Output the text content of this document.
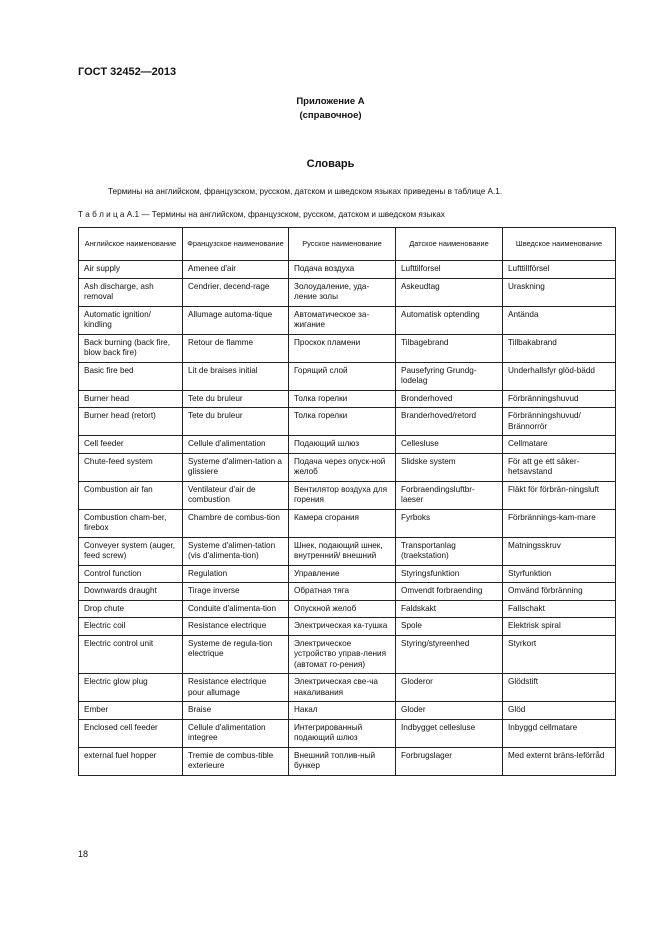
ГОСТ 32452—2013
Приложение А
(справочное)
Словарь
Термины на английском, французском, русском, датском и шведском языках приведены в таблице А.1.
Т а б л и ц а А.1 — Термины на английском, французском, русском, датском и шведском языках
Английское наименование	Французское наименование	Русское наименование	Датское наименование	Шведское наименование
Air supply	Amenee d'air	Подача воздуха	Lufttilforsel	Lufttillförsel
Ash discharge, ash removal	Cendrier, decend-rage	Золоудаление, уда-ление золы	Askeudtag	Uraskning
Automatic ignition/ kindling	Allumage automa-tique	Автоматическое за-жигание	Automatisk optending	Antända
Back burning (back fire, blow back fire)	Retour de flamme	Проскок пламени	Tilbagebrand	Tillbakabrand
Basic fire bed	Lit de braises initial	Горящий слой	Pausefyring Grundg-lodelag	Underhallsfyr glöd-bädd
Burner head	Tete du bruleur	Толка горелки	Bronderhoved	Förbränningshuvud
Burner head (retort)	Tete du bruleur	Толка горелки	Branderhoved/retord	Förbränningshuvud/ Brännorrör
Cell feeder	Cellule d'alimentation	Подающий шлюз	Cellesluse	Cellmatare
Chute-feed system	Systeme d'alimen-tation a glissiere	Подача через опуск-ной желоб	Slidske system	För att ge ett säker-hetsavstand
Combustion air fan	Ventilateur d'air de combustion	Вентилятор воздуха для горения	Forbraendingsluftbr-laeser	Fläkt för förbrän-ningsluft
Combustion cham-ber, firebox	Chambre de combus-tion	Камера сгорания	Fyrboks	Förbrännings-kam-mare
Conveyer system (auger, feed screw)	Systeme d'alimen-tation (vis d'alimenta-tion)	Шнек, подающий шнек, внутренний/ внешний	Transportanlag (traekstation)	Matningsskruv
Control function	Regulation	Управление	Styringsfunktion	Styrfunktion
Downwards draught	Tirage inverse	Обратная тяга	Omvendt forbraending	Omvänd förbränning
Drop chute	Conduite d'alimenta-tion	Опускной желоб	Faldskakt	Fallschakt
Electric coil	Resistance electrique	Электрическая ка-тушка	Spole	Elektrisk spiral
Electric control unit	Systeme de regula-tion electrique	Электрическое устройство управ-ления (автомат го-рения)	Styring/styreenhed	Styrkort
Electric glow plug	Resistance electrique pour allumage	Электрическая све-ча накаливания	Gloderor	Glödstift
Ember	Braise	Накал	Gloder	Glöd
Enclosed cell feeder	Cellule d'alimentation integree	Интегрированный подающий шлюз	Indbygget cellesluse	Inbyggd cellmatare
external fuel hopper	Tremie de combus-tible exterieure	Внешний топлив-ный бункер	Forbrugslager	Med externt bräns-leförråd
18
